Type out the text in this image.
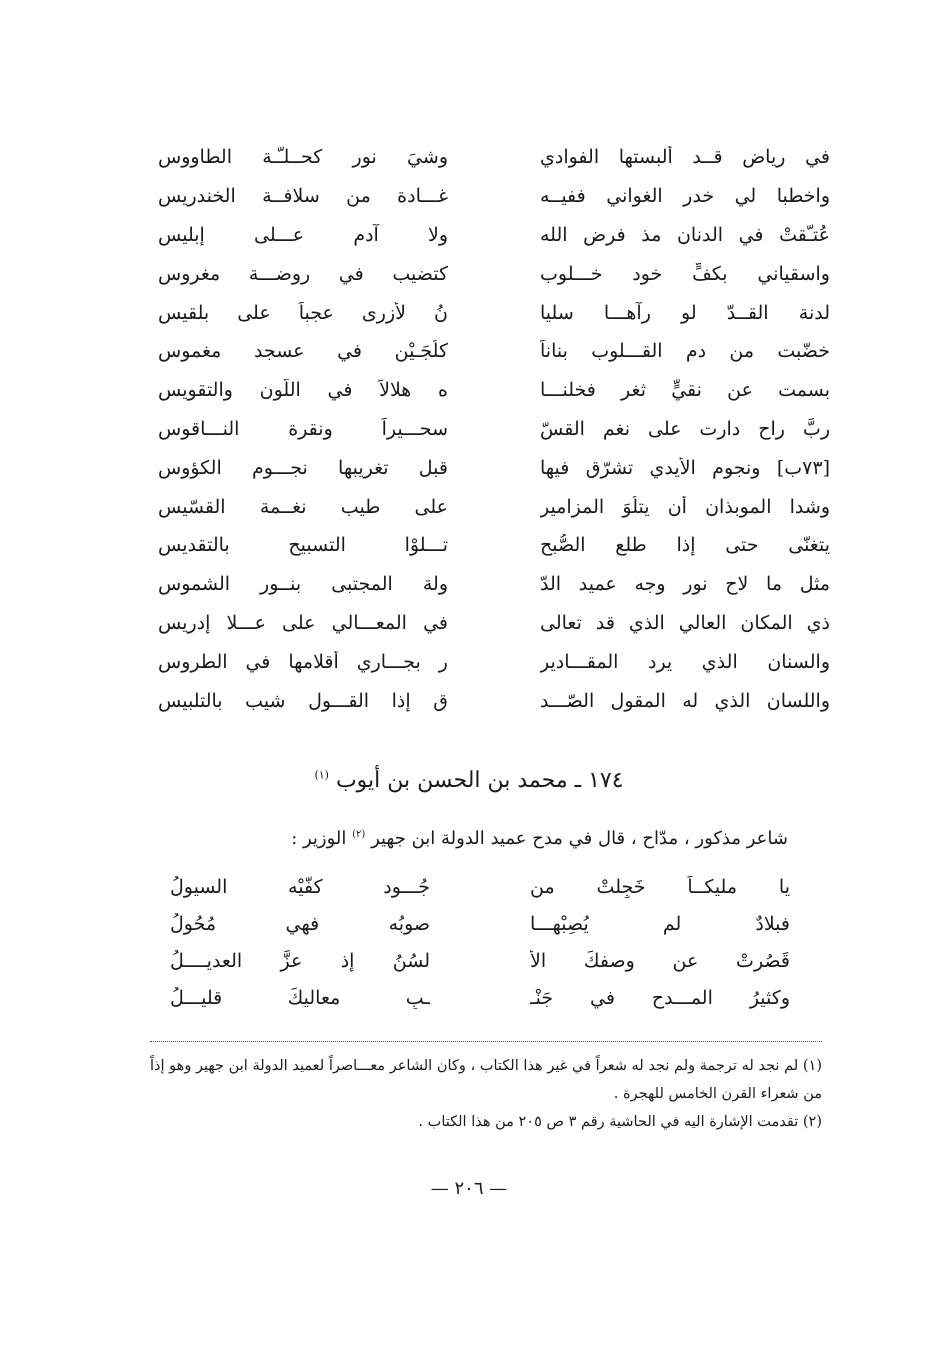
في رياض قــد ألبستها الفوادي
وشيَ نور كحــلـّـة الطاووس
واخطبا لي خدر الغواني ففيــه
غـــادة من سلافــة الخندريس
عُتـّقتْ في الدنان مذ فرض الله
ولا آدم عـــلى إبليس
واسقياني بكفٍّ خود خـــلوب
كتضيب في روضـــة مغروس
لدنة القــدّ لو رآهـــا سليا
نُ لأزرى عجباً على بلقيس
خضّبت من دم القـــلوب بناناً
كلُجَـيْنٍ في عسجد مغموس
بسمت عن نقيٍّ ثغر فخلنـــا
ه هلالاً في اللّون والتقويس
ربَّ راحٍ دارت على نغم القسّ
سحـــيراً ونقرة النـــاقوس
[٧٣ب] ونجوم الأيدي تشرّق فيها
قبل تغريبها نجـــوم الكؤوس
وشدا الموبذان أن يتلُوَ المزامير
على طيب نغــمة القسّيس
يتغنّى حتى إذا طلع الصُّبح
تـــلوْا التسبيح بالتقديس
مثل ما لاح نور وجه عميد الدّ
ولة المجتبى بنــور الشموس
ذي المكان العالي الذي قد تعالى
في المعـــالي على عـــلا إدريس
والسنان الذي يرد المقـــادير
ر بجـــاري أقلامها في الطروس
واللسان الذي له المقول الصّـــد
ق إذا القـــول شيب بالتلبيس
١٧٤ ـ محمد بن الحسن بن أيوب $^{(١)}$
شاعر مذكور ، مدّاح ، قال في مدح عميد الدولة ابن جهير $^{(٢)}$ الوزير :
يا مليكــاً خَجِلتْ من
جُـــود كفّيْه السيولُ
فبلادٌ لم يُصِبْهـــا
صوبُه فهي مُحُولُ
قَصُرتْ عن وصفكَ الأ
لسُنُ إذ عزَّ العديــــلُ
وكثيرُ المـــدحِ في جَنْـ
ـبِ معاليكَ قليـــلُ

(١) لم نجد له ترجمة ولم نجد له شعراً في غير هذا الكتاب ، وكان الشاعر معـــاصراً لعميد الدولة ابن جهير وهو إذاً من شعراء القرن الخامس للهجرة .

(٢) تقدمت الإشارة اليه في الحاشية رقم ٣ ص ٢٠٥ من هذا الكتاب .

— ٢٠٦ —
